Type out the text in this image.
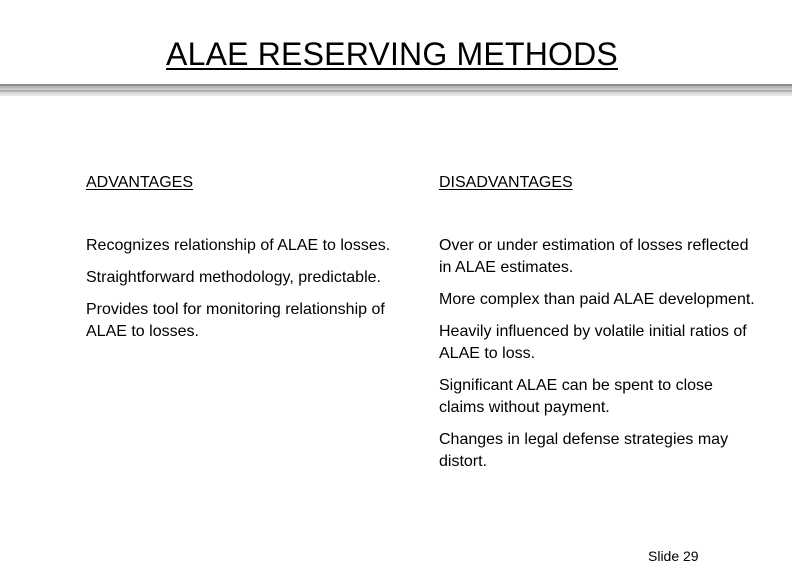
ALAE RESERVING METHODS
ADVANTAGES
Recognizes relationship of ALAE to losses.
Straightforward methodology, predictable.
Provides tool for monitoring relationship of ALAE to losses.
DISADVANTAGES
Over or under estimation of losses reflected in ALAE estimates.
More complex than paid ALAE development.
Heavily influenced by volatile initial ratios of ALAE to loss.
Significant ALAE can be spent to close claims without payment.
Changes in legal defense strategies may distort.
Slide 29
